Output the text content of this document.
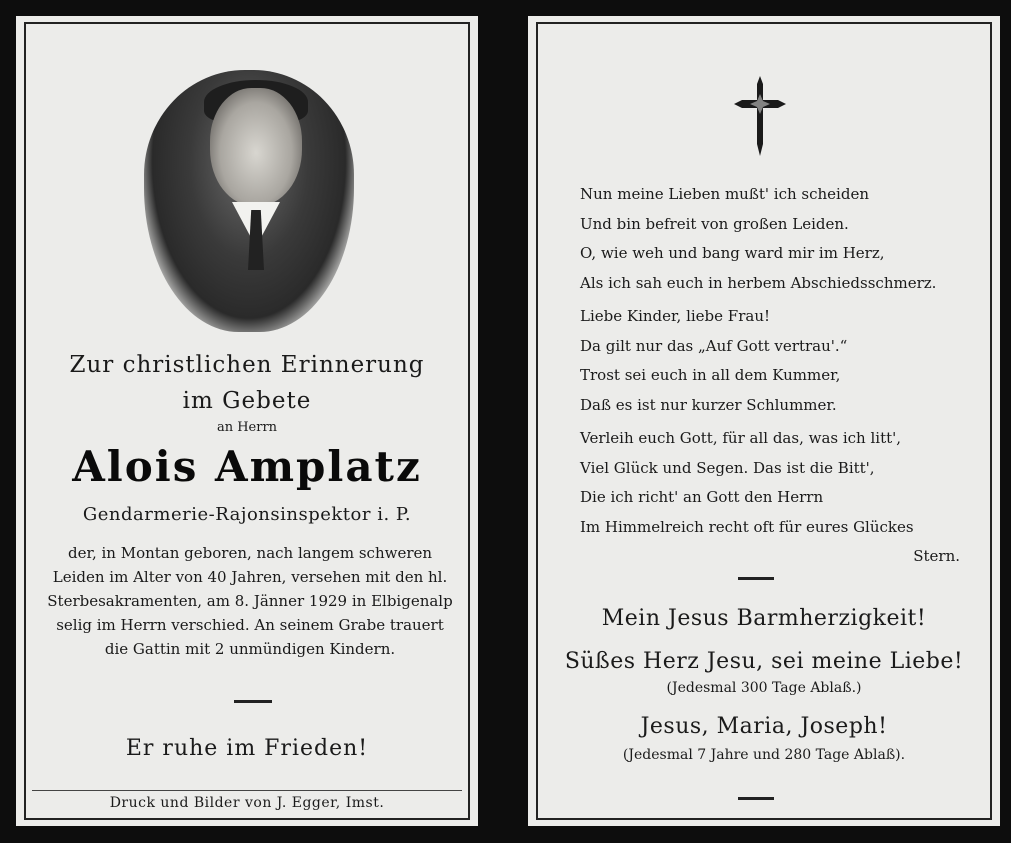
Zur christlichen Erinnerung
im Gebete
an Herrn
Alois Amplatz
Gendarmerie-Rajonsinspektor i. P.
der, in Montan geboren, nach langem schweren Leiden im Alter von 40 Jahren, versehen mit den hl. Sterbesakramenten, am 8. Jänner 1929 in Elbigenalp selig im Herrn verschied. An seinem Grabe trauert die Gattin mit 2 unmündigen Kindern.
Er ruhe im Frieden!
Druck und Bilder von J. Egger, Imst.
Nun meine Lieben mußt' ich scheiden
Und bin befreit von großen Leiden.
O, wie weh und bang ward mir im Herz,
Als ich sah euch in herbem Abschiedsschmerz.
Liebe Kinder, liebe Frau!
Da gilt nur das „Auf Gott vertrau'.“
Trost sei euch in all dem Kummer,
Daß es ist nur kurzer Schlummer.
Verleih euch Gott, für all das, was ich litt',
Viel Glück und Segen. Das ist die Bitt',
Die ich richt' an Gott den Herrn
Im Himmelreich recht oft für eures Glückes
Stern.
Mein Jesus Barmherzigkeit!
Süßes Herz Jesu, sei meine Liebe!
(Jedesmal 300 Tage Ablaß.)
Jesus, Maria, Joseph!
(Jedesmal 7 Jahre und 280 Tage Ablaß).
